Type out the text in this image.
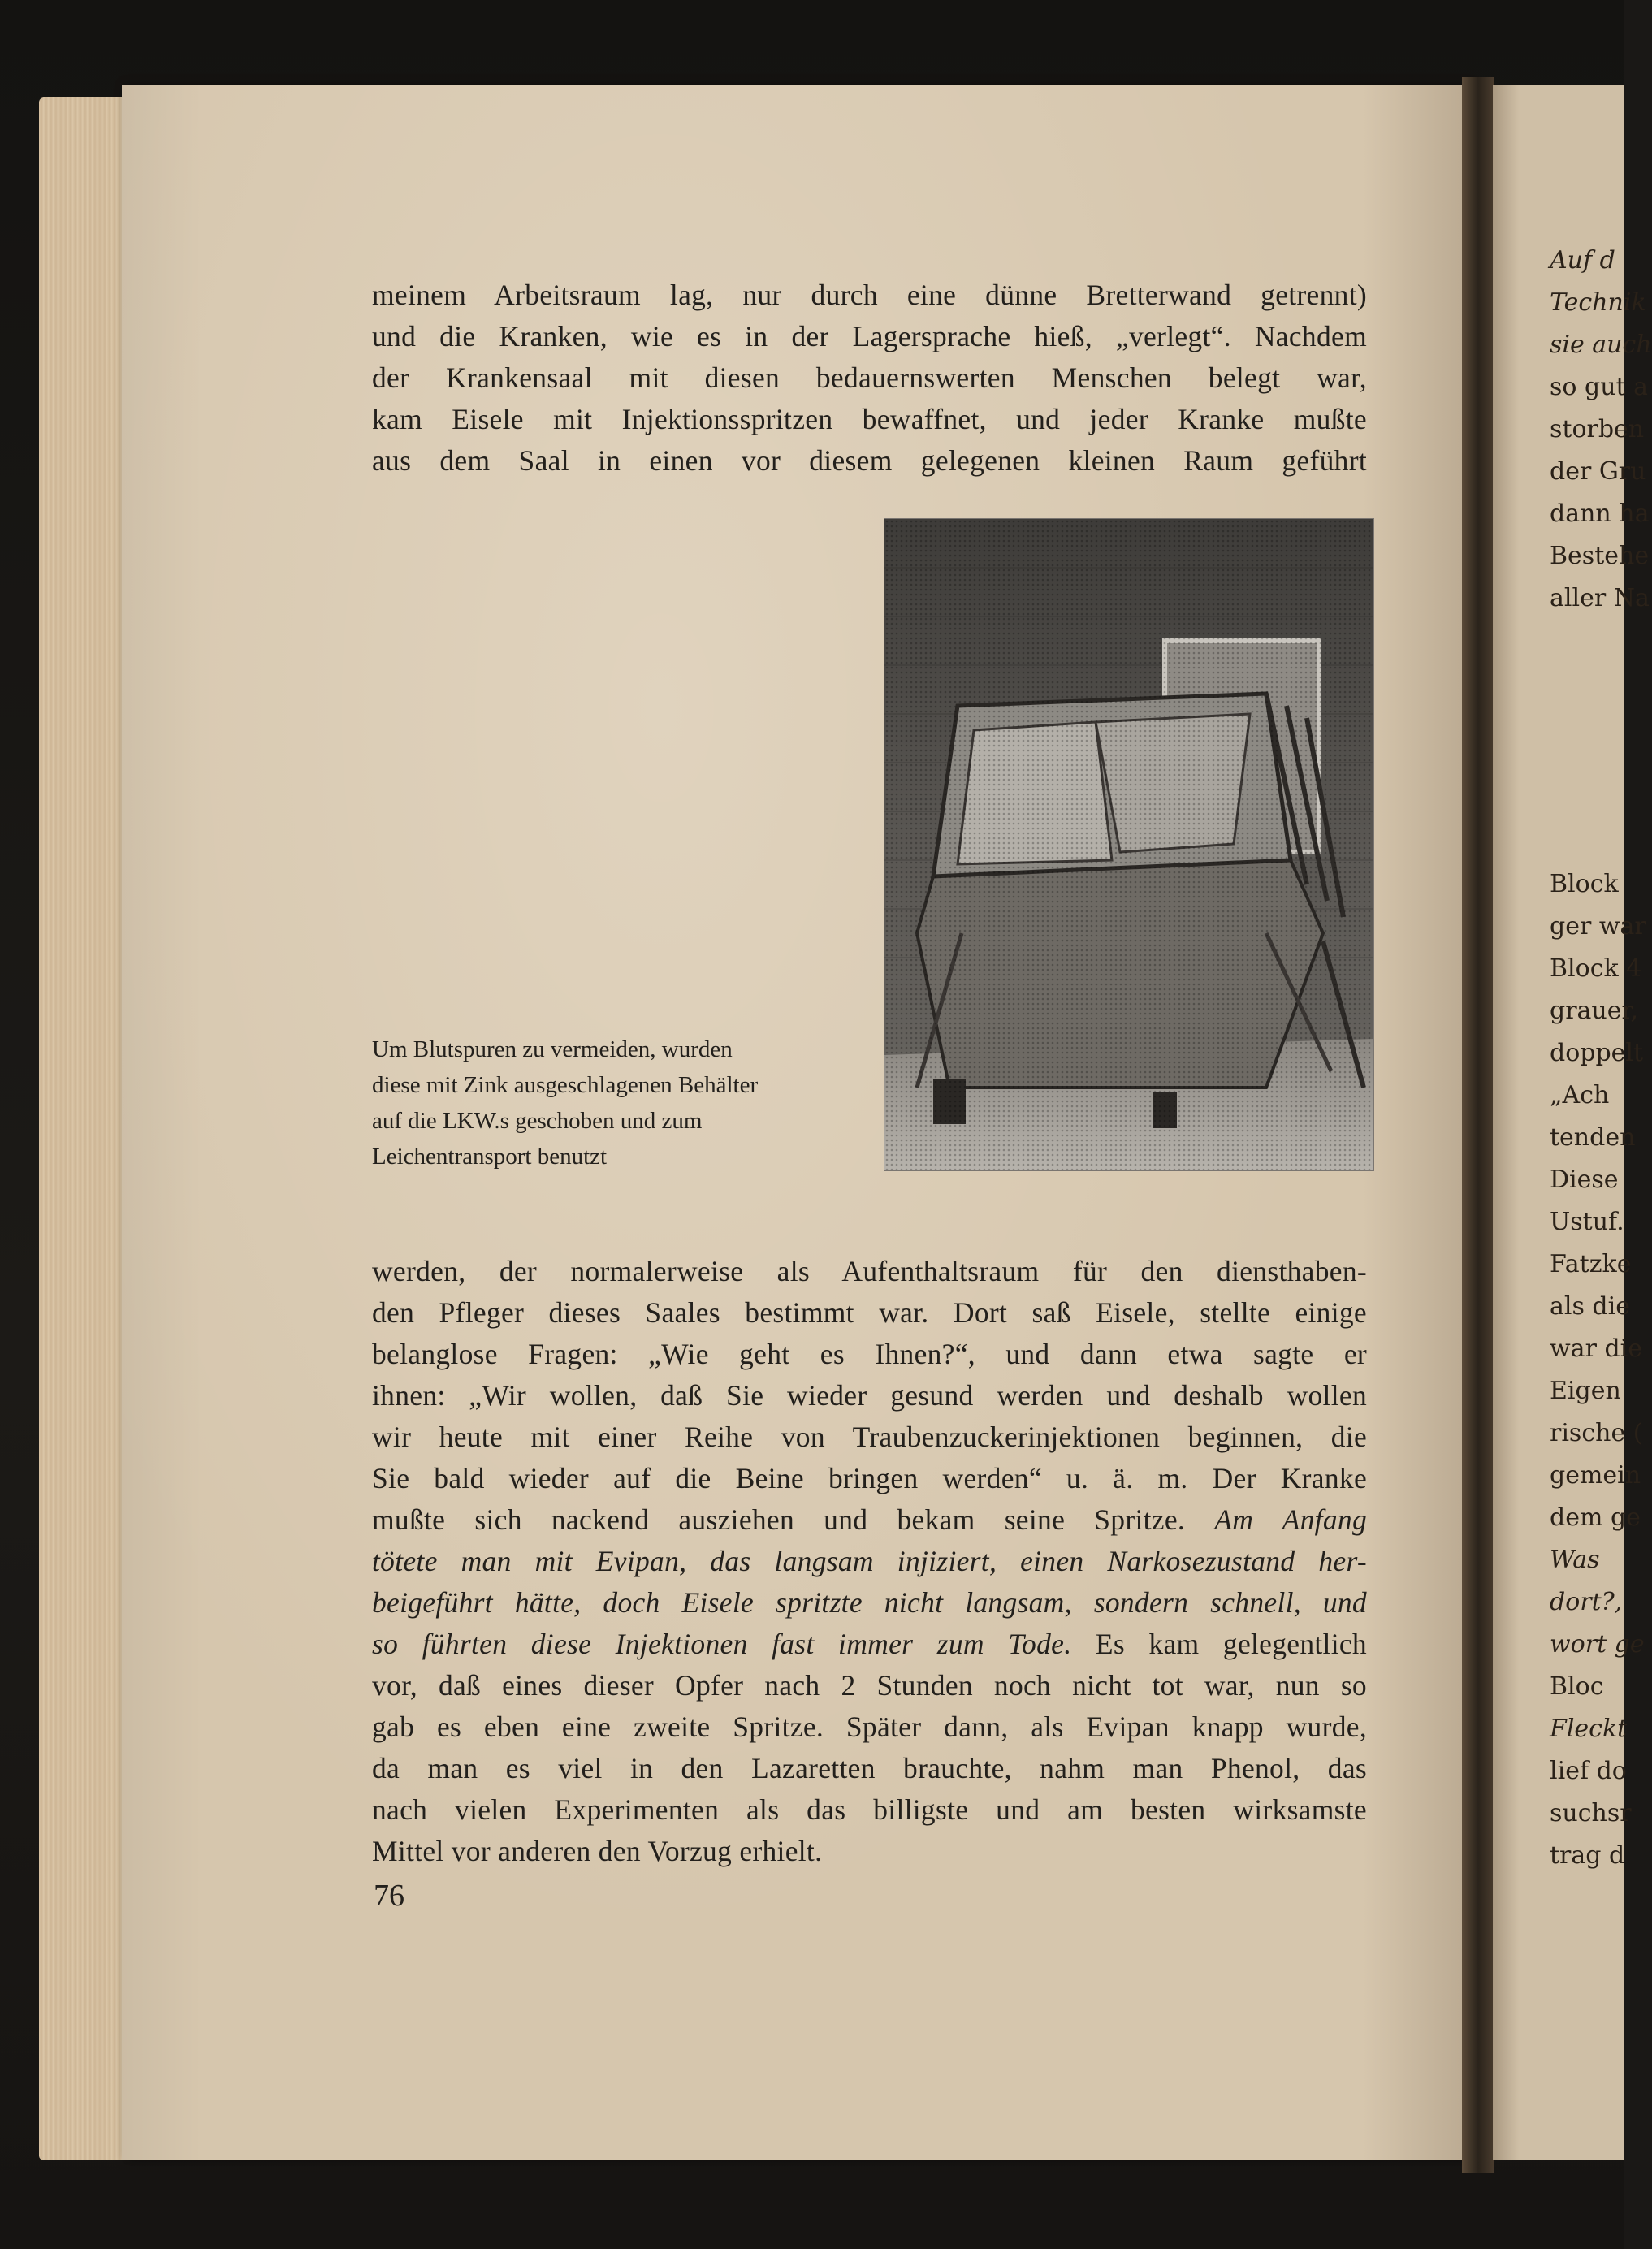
meinem Arbeitsraum lag, nur durch eine dünne Bretterwand getrennt)
und die Kranken, wie es in der Lagersprache hieß, „verlegt“. Nachdem
der Krankensaal mit diesen bedauernswerten Menschen belegt war,
kam Eisele mit Injektionsspritzen bewaffnet, und jeder Kranke mußte
aus dem Saal in einen vor diesem gelegenen kleinen Raum geführt
Um Blutspuren zu vermeiden, wurden
diese mit Zink ausgeschlagenen Behälter
auf die LKW.s geschoben und zum
Leichentransport benutzt
werden, der normalerweise als Aufenthaltsraum für den diensthaben-
den Pfleger dieses Saales bestimmt war. Dort saß Eisele, stellte einige
belanglose Fragen: „Wie geht es Ihnen?“, und dann etwa sagte er
ihnen: „Wir wollen, daß Sie wieder gesund werden und deshalb wollen
wir heute mit einer Reihe von Traubenzuckerinjektionen beginnen, die
Sie bald wieder auf die Beine bringen werden“ u. ä. m. Der Kranke
mußte sich nackend ausziehen und bekam seine Spritze. Am Anfang
tötete man mit Evipan, das langsam injiziert, einen Narkosezustand her-
beigeführt hätte, doch Eisele spritzte nicht langsam, sondern schnell, und
so führten diese Injektionen fast immer zum Tode. Es kam gelegentlich
vor, daß eines dieser Opfer nach 2 Stunden noch nicht tot war, nun so
gab es eben eine zweite Spritze. Später dann, als Evipan knapp wurde,
da man es viel in den Lazaretten brauchte, nahm man Phenol, das
nach vielen Experimenten als das billigste und am besten wirksamste
Mittel vor anderen den Vorzug erhielt.
76
Auf d
Technik
sie auch
so gut a
storben
der Gru
dann ha
Bestehe
aller Na
Block
ger war
Block 4
grauer,
doppelt
„Ach
tenden
Diese
Ustuf.
Fatzke
als die
war die
Eigen
rische (
gemein
dem ge
Was
dort?,
wort ge
Bloc
Fleckt
lief do
suchsr
trag d
